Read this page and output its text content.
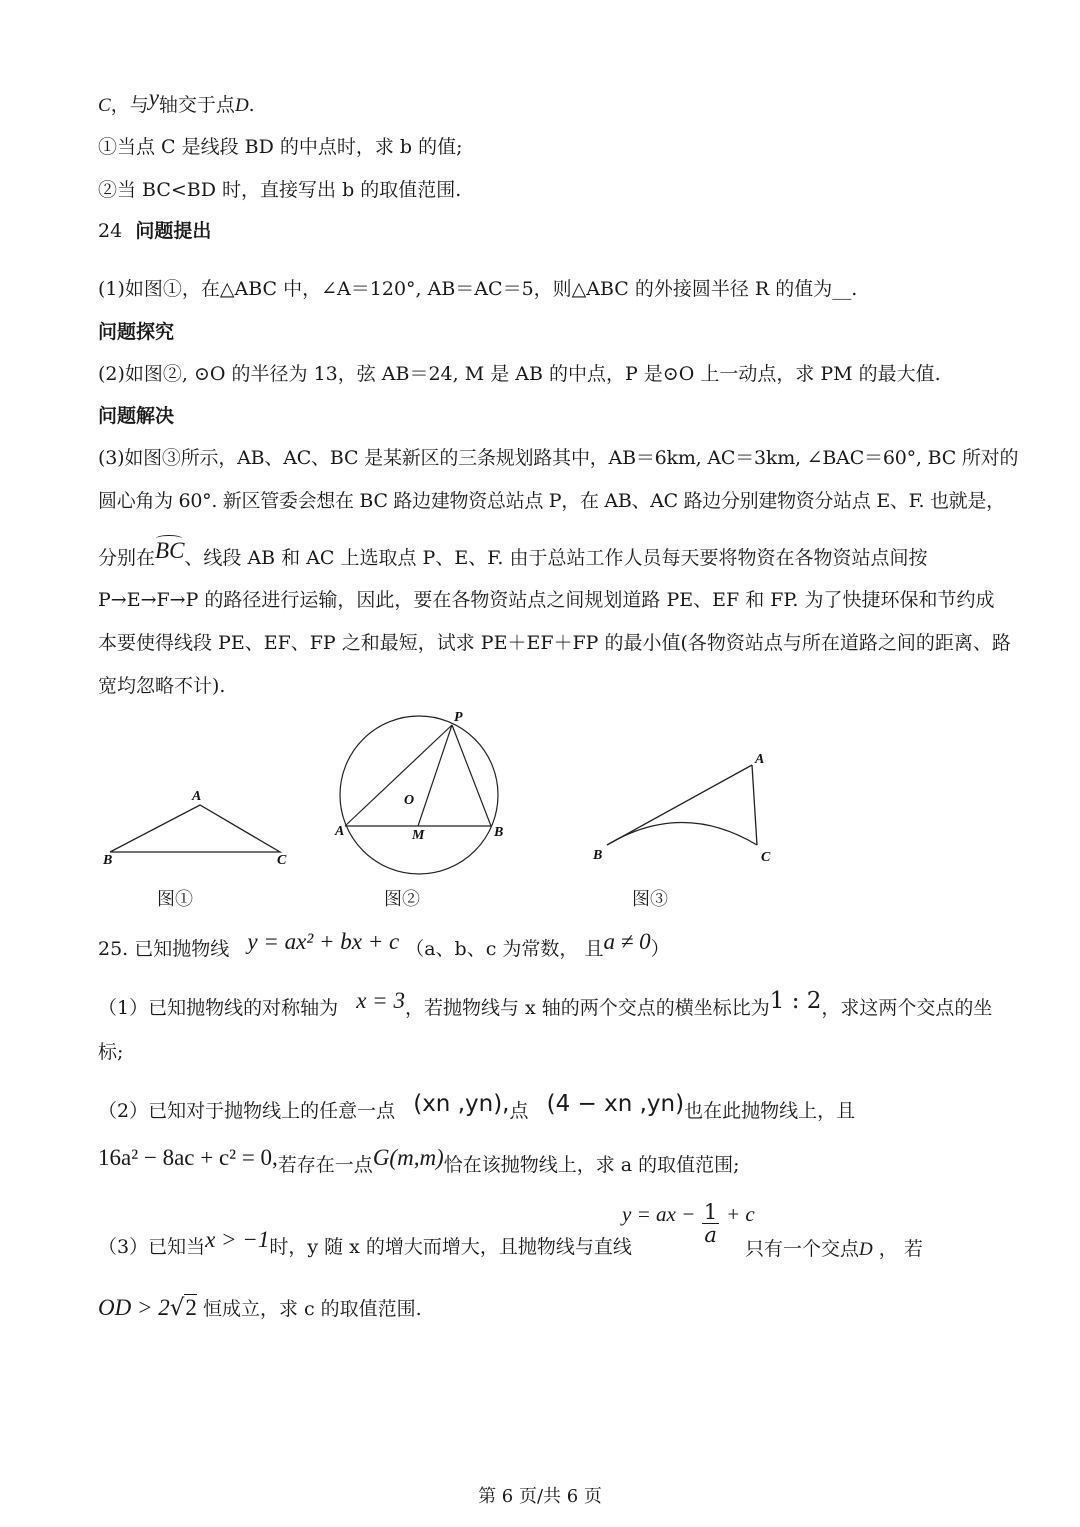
C，与y轴交于点D.
①当点 C 是线段 BD 的中点时，求 b 的值;
②当 BC<BD 时，直接写出 b 的取值范围.
24 问题提出
(1)如图①，在△ABC 中，∠A＝120°, AB＝AC＝5，则△ABC 的外接圆半径 R 的值为__.
问题探究
(2)如图②, ⊙O 的半径为 13，弦 AB＝24, M 是 AB 的中点，P 是⊙O 上一动点，求 PM 的最大值.
问题解决
(3)如图③所示，AB、AC、BC 是某新区的三条规划路其中，AB＝6km, AC＝3km, ∠BAC＝60°, BC 所对的
圆心角为 60°. 新区管委会想在 BC 路边建物资总站点 P，在 AB、AC 路边分别建物资分站点 E、F. 也就是，
分别在BC、线段 AB 和 AC 上选取点 P、E、F. 由于总站工作人员每天要将物资在各物资站点间按
P→E→F→P 的路径进行运输，因此，要在各物资站点之间规划道路 PE、EF 和 FP. 为了快捷环保和节约成
本要使得线段 PE、EF、FP 之和最短，试求 PE＋EF＋FP 的最小值(各物资站点与所在道路之间的距离、路
宽均忽略不计).
A
B	C
图①
P
O
A	M	B
图②
A
B	C
图③
25. 已知抛物线 y = ax² + bx + c （a、b、c 为常数， 且a ≠ 0）
（1）已知抛物线的对称轴为 x = 3，若抛物线与 x 轴的两个交点的横坐标比为1 : 2，求这两个交点的坐
标;
（2）已知对于抛物线上的任意一点 (xn ,yn),点 (4 − xn ,yn)也在此抛物线上，且
16a² − 8ac + c² = 0,若存在一点G(m,m)恰在该抛物线上，求 a 的取值范围;
（3）已知当x > −1时，y 随 x 的增大而增大，且抛物线与直线
y = ax − $\frac{1}{a} + c$
只有一个交点D ， 若
OD > 2√2 恒成立，求 c 的取值范围.
第 6 页/共 6 页
